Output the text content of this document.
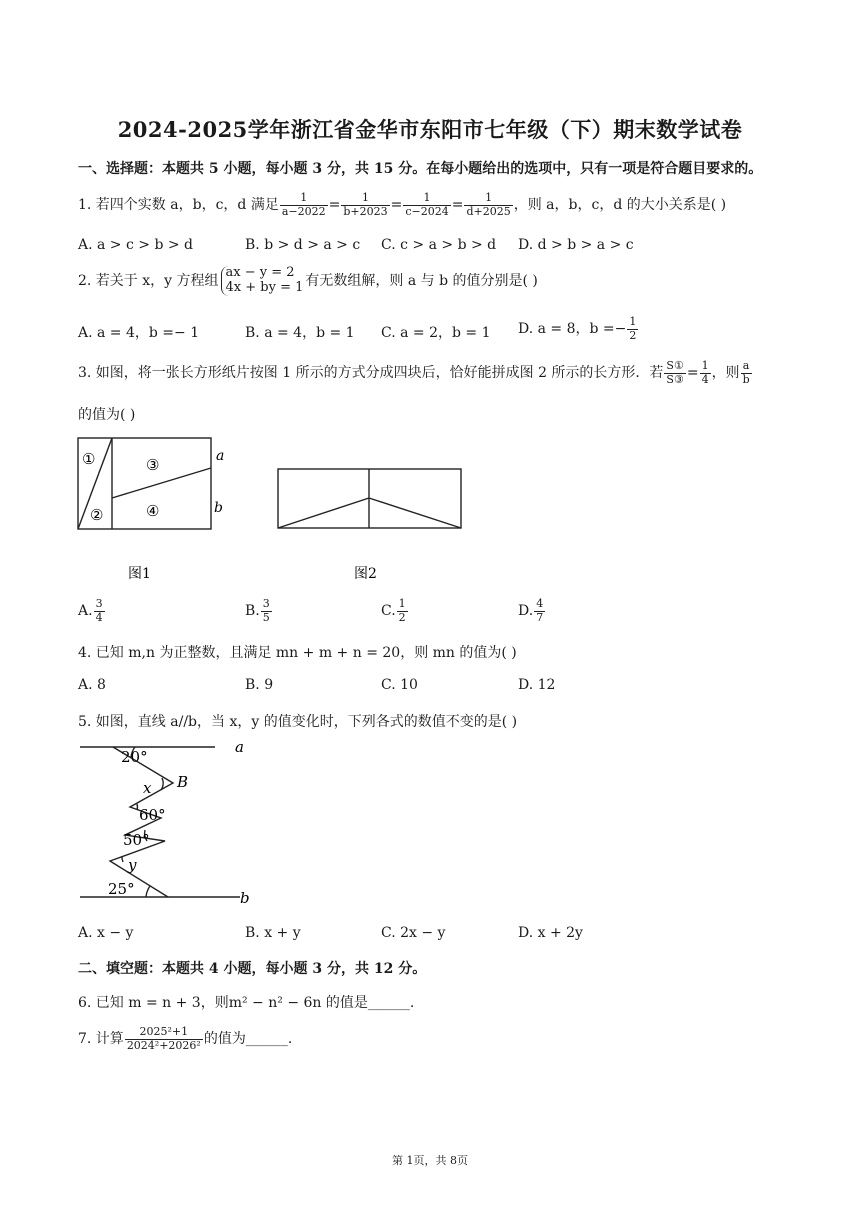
2024-2025学年浙江省金华市东阳市七年级（下）期末数学试卷
一、选择题：本题共 5 小题，每小题 3 分，共 15 分。在每小题给出的选项中，只有一项是符合题目要求的。
1. 若四个实数 a，b，c，d 满足 $\frac{1}{a-2022} = \frac{1}{b+2023} = \frac{1}{c-2024} = \frac{1}{d+2025}$ ，则 a，b，c，d 的大小关系是( )
A. a > c > b > d	B. b > d > a > c C. c > a > b > d D. d > b > a > c
2. 若关于 x，y 方程组
ax − y = 2
4x + by = 1 有无数组解，则 a 与 b 的值分别是( )
A. a = 4，b =− 1	B. a = 4，b = 1 C. a = 2，b = 1 D. a = 8，$b =- \frac{1}{2}$
3. 如图，将一张长方形纸片按图 1 所示的方式分成四块后，恰好能拼成图 2 所示的长方形．若 $\frac{\text{S①}}{\text{S③}} = \frac{1}{4}$ ，则 $\frac{a}{b}$
的值为( )
①
②
③
④
a
b
图1	图2
A. $\frac{3}{4}$	B. $\frac{3}{5}$	C. $\frac{1}{2}$	D. $\frac{4}{7}$
4. 已知 m,n 为正整数，且满足 mn + m + n = 20，则 mn 的值为( )
A. 8	B. 9	C. 10	D. 12
5. 如图，直线 a//b，当 x，y 的值变化时，下列各式的数值不变的是( )
a
b
B
x
y
20°
60°
50°
25°
A. x − y	B. x + y	C. 2x − y	D. x + 2y
二、填空题：本题共 4 小题，每小题 3 分，共 12 分。
6. 已知 m = n + 3，则m² − n² − 6n 的值是______.
7. 计算 $\frac{\text{2025²+1}}{\text{2024²+2026²}}$ 的值为______.
第 1页，共 8页
